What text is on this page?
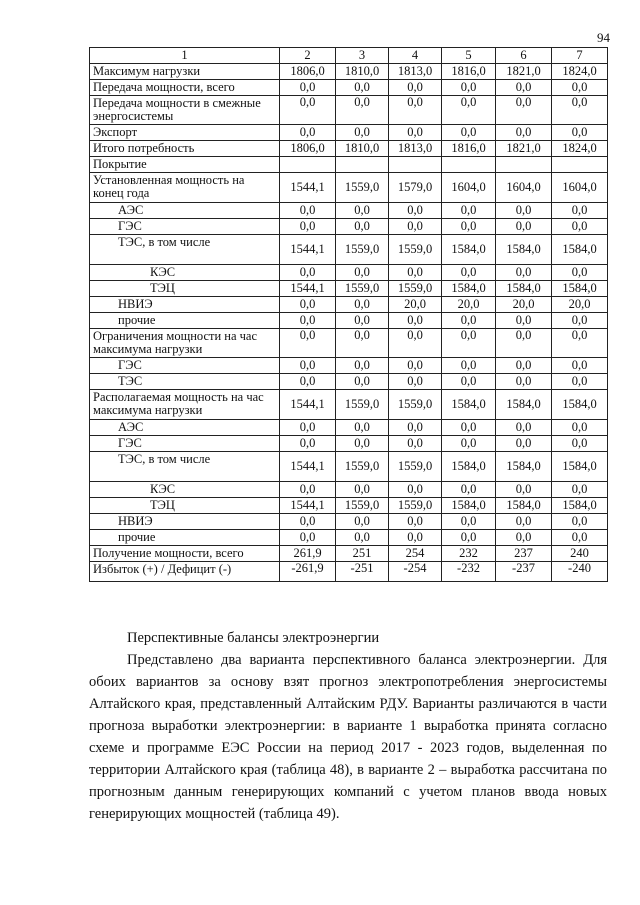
94
1	2	3	4	5	6	7
Максимум нагрузки	1806,0	1810,0	1813,0	1816,0	1821,0	1824,0
Передача мощности, всего	0,0	0,0	0,0	0,0	0,0	0,0
Передача мощности в смежные энергосистемы	0,0	0,0	0,0	0,0	0,0	0,0
Экспорт	0,0	0,0	0,0	0,0	0,0	0,0
Итого потребность	1806,0	1810,0	1813,0	1816,0	1821,0	1824,0
Покрытие						
Установленная мощность на конец года	1544,1	1559,0	1579,0	1604,0	1604,0	1604,0
АЭС	0,0	0,0	0,0	0,0	0,0	0,0
ГЭС	0,0	0,0	0,0	0,0	0,0	0,0
ТЭС, в том числе	1544,1	1559,0	1559,0	1584,0	1584,0	1584,0
КЭС	0,0	0,0	0,0	0,0	0,0	0,0
ТЭЦ	1544,1	1559,0	1559,0	1584,0	1584,0	1584,0
НВИЭ	0,0	0,0	20,0	20,0	20,0	20,0
прочие	0,0	0,0	0,0	0,0	0,0	0,0
Ограничения мощности на час максимума нагрузки	0,0	0,0	0,0	0,0	0,0	0,0
ГЭС	0,0	0,0	0,0	0,0	0,0	0,0
ТЭС	0,0	0,0	0,0	0,0	0,0	0,0
Располагаемая мощность на час максимума нагрузки	1544,1	1559,0	1559,0	1584,0	1584,0	1584,0
АЭС	0,0	0,0	0,0	0,0	0,0	0,0
ГЭС	0,0	0,0	0,0	0,0	0,0	0,0
ТЭС, в том числе	1544,1	1559,0	1559,0	1584,0	1584,0	1584,0
КЭС	0,0	0,0	0,0	0,0	0,0	0,0
ТЭЦ	1544,1	1559,0	1559,0	1584,0	1584,0	1584,0
НВИЭ	0,0	0,0	0,0	0,0	0,0	0,0
прочие	0,0	0,0	0,0	0,0	0,0	0,0
Получение мощности, всего	261,9	251	254	232	237	240
Избыток (+) / Дефицит (-)	-261,9	-251	-254	-232	-237	-240

Перспективные балансы электроэнергии

Представлено два варианта перспективного баланса электроэнергии. Для обоих вариантов за основу взят прогноз электропотребления энергосистемы Алтайского края, представленный Алтайским РДУ. Варианты различаются в части прогноза выработки электроэнергии: в варианте 1 выработка принята согласно схеме и программе ЕЭС России на период 2017 - 2023 годов, выделенная по территории Алтайского края (таблица 48), в варианте 2 – выработка рассчитана по прогнозным данным генерирующих компаний с учетом планов ввода новых генерирующих мощностей (таблица 49).
